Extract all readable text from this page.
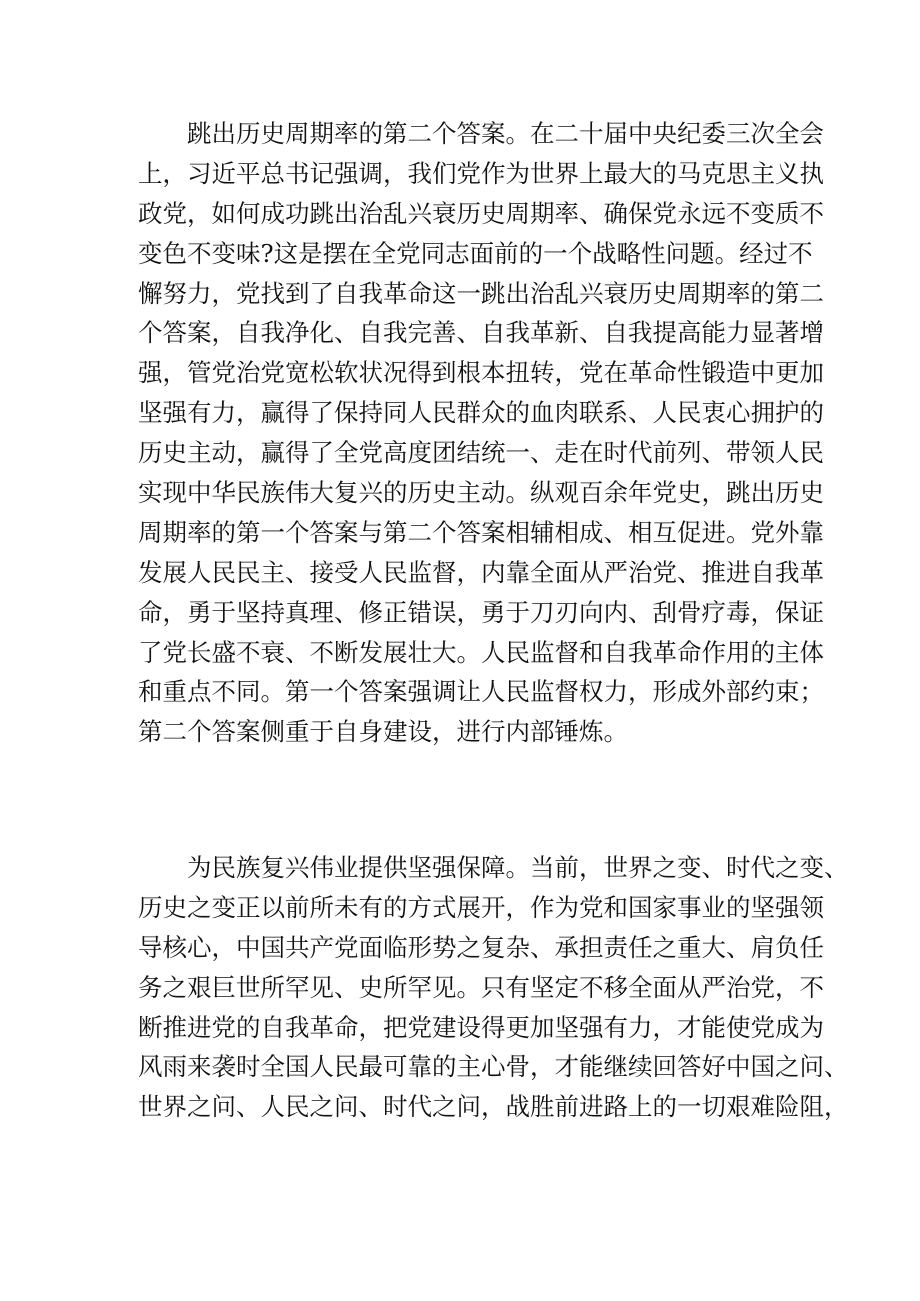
跳出历史周期率的第二个答案。在二十届中央纪委三次全会
上，习近平总书记强调，我们党作为世界上最大的马克思主义执
政党，如何成功跳出治乱兴衰历史周期率、确保党永远不变质不
变色不变味?这是摆在全党同志面前的一个战略性问题。经过不
懈努力，党找到了自我革命这一跳出治乱兴衰历史周期率的第二
个答案，自我净化、自我完善、自我革新、自我提高能力显著增
强，管党治党宽松软状况得到根本扭转，党在革命性锻造中更加
坚强有力，赢得了保持同人民群众的血肉联系、人民衷心拥护的
历史主动，赢得了全党高度团结统一、走在时代前列、带领人民
实现中华民族伟大复兴的历史主动。纵观百余年党史，跳出历史
周期率的第一个答案与第二个答案相辅相成、相互促进。党外靠
发展人民民主、接受人民监督，内靠全面从严治党、推进自我革
命，勇于坚持真理、修正错误，勇于刀刃向内、刮骨疗毒，保证
了党长盛不衰、不断发展壮大。人民监督和自我革命作用的主体
和重点不同。第一个答案强调让人民监督权力，形成外部约束；
第二个答案侧重于自身建设，进行内部锤炼。
为民族复兴伟业提供坚强保障。当前，世界之变、时代之变、
历史之变正以前所未有的方式展开，作为党和国家事业的坚强领
导核心，中国共产党面临形势之复杂、承担责任之重大、肩负任
务之艰巨世所罕见、史所罕见。只有坚定不移全面从严治党，不
断推进党的自我革命，把党建设得更加坚强有力，才能使党成为
风雨来袭时全国人民最可靠的主心骨，才能继续回答好中国之问、
世界之问、人民之问、时代之问，战胜前进路上的一切艰难险阻，
